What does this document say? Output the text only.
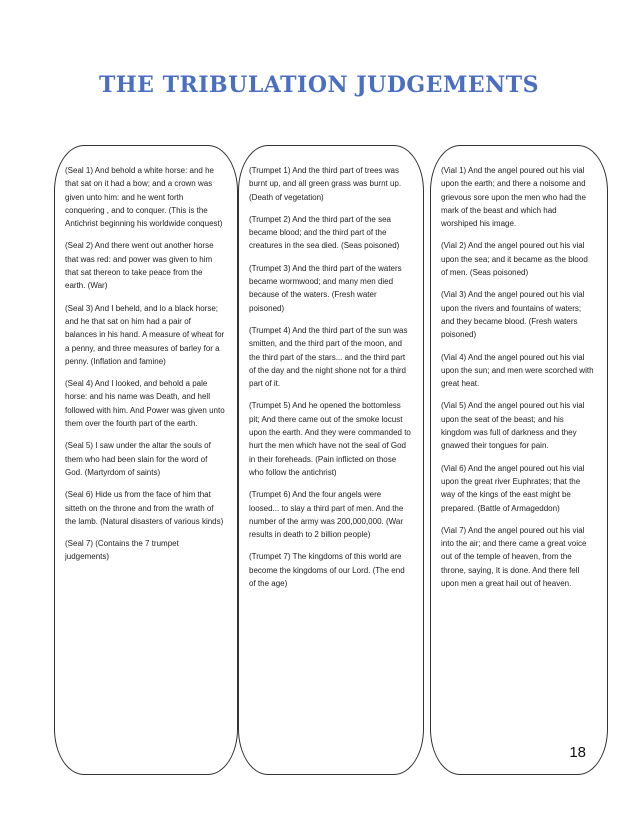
THE TRIBULATION JUDGEMENTS

(Seal 1) And behold a white horse: and he that sat on it had a bow; and a crown was given unto him: and he went forth conquering , and to conquer. (This is the Antichrist beginning his worldwide conquest)

(Seal 2) And there went out another horse that was red: and power was given to him that sat thereon to take peace from the earth. (War)

(Seal 3) And I beheld, and lo a black horse; and he that sat on him had a pair of balances in his hand. A measure of wheat for a penny, and three measures of barley for a penny. (Inflation and famine)

(Seal 4) And I looked, and behold a pale horse: and his name was Death, and hell followed with him. And Power was given unto them over the fourth part of the earth.

(Seal 5) I saw under the altar the souls of them who had been slain for the word of God. (Martyrdom of saints)

(Seal 6) Hide us from the face of him that sitteth on the throne and from the wrath of the lamb. (Natural disasters of various kinds)

(Seal 7) (Contains the 7 trumpet judgements)

(Trumpet 1) And the third part of trees was burnt up, and all green grass was burnt up. (Death of vegetation)

(Trumpet 2) And the third part of the sea became blood; and the third part of the creatures in the sea died. (Seas poisoned)

(Trumpet 3) And the third part of the waters became wormwood; and many men died because of the waters. (Fresh water poisoned)

(Trumpet 4) And the third part of the sun was smitten, and the third part of the moon, and the third part of the stars... and the third part of the day and the night shone not for a third part of it.

(Trumpet 5) And he opened the bottomless pit; And there came out of the smoke locust upon the earth. And they were commanded to hurt the men which have not the seal of God in their foreheads. (Pain inflicted on those who follow the antichrist)

(Trumpet 6) And the four angels were loosed... to slay a third part of men. And the number of the army was 200,000,000. (War results in death to 2 billion people)

(Trumpet 7) The kingdoms of this world are become the kingdoms of our Lord. (The end of the age)

(Vial 1) And the angel poured out his vial upon the earth; and there a noisome and grievous sore upon the men who had the mark of the beast and which had worshiped his image.

(Vial 2) And the angel poured out his vial upon the sea; and it became as the blood of men. (Seas poisoned)

(Vial 3) And the angel poured out his vial upon the rivers and fountains of waters; and they became blood. (Fresh waters poisoned)

(Vial 4) And the angel poured out his vial upon the sun; and men were scorched with great heat.

(Vial 5) And the angel poured out his vial upon the seat of the beast; and his kingdom was full of darkness and they gnawed their tongues for pain.

(Vial 6) And the angel poured out his vial upon the great river Euphrates; that the way of the kings of the east might be prepared. (Battle of Armageddon)

(Vial 7) And the angel poured out his vial into the air; and there came a great voice out of the temple of heaven, from the throne, saying, It is done. And there fell upon men a great hail out of heaven.

18
